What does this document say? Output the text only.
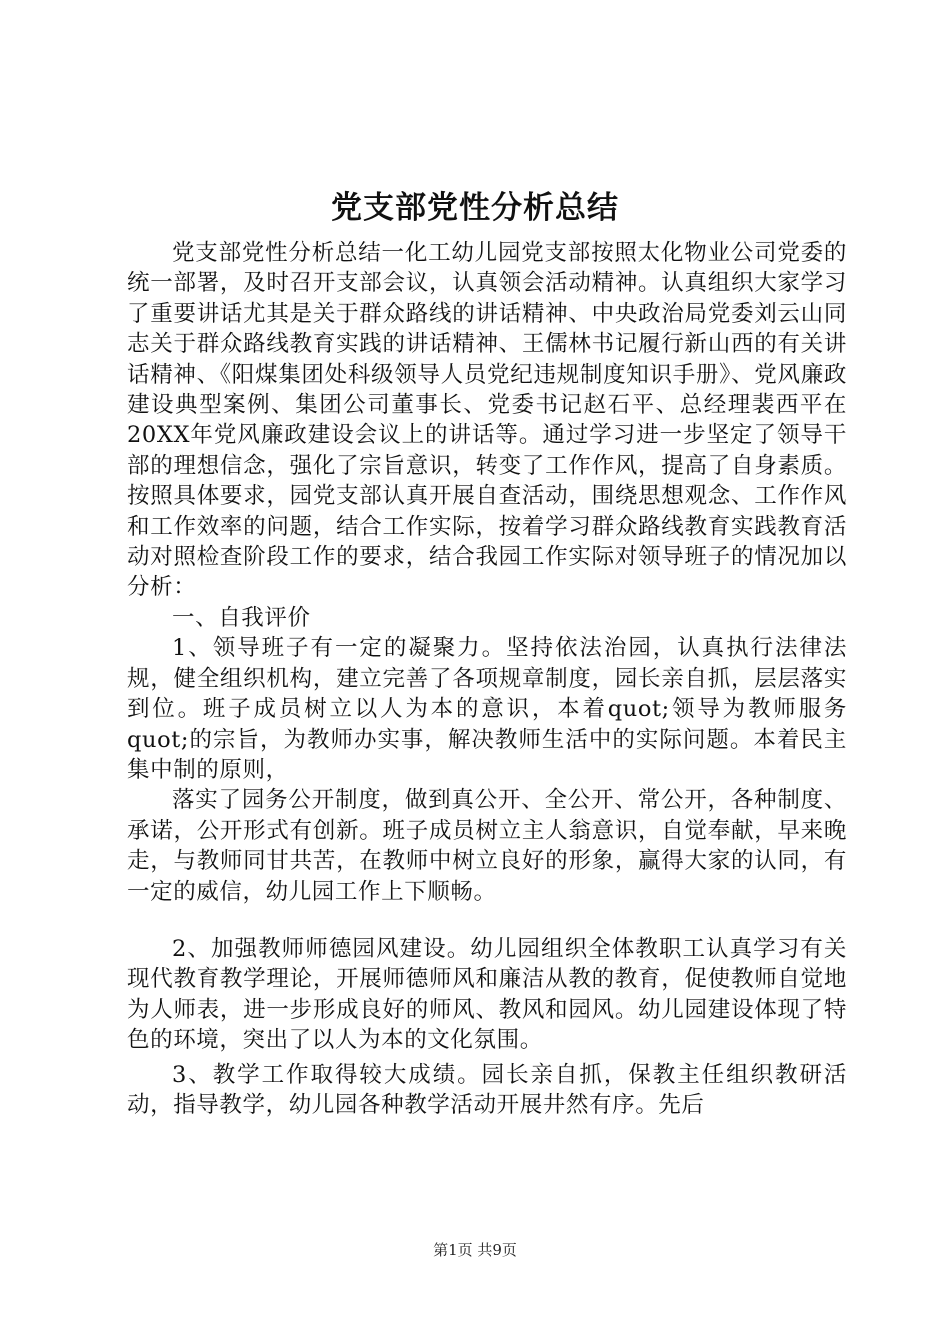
党支部党性分析总结

党支部党性分析总结一化工幼儿园党支部按照太化物业公司党委的统一部署，及时召开支部会议，认真领会活动精神。认真组织大家学习了重要讲话尤其是关于群众路线的讲话精神、中央政治局党委刘云山同志关于群众路线教育实践的讲话精神、王儒林书记履行新山西的有关讲话精神、《阳煤集团处科级领导人员党纪违规制度知识手册》、党风廉政建设典型案例、集团公司董事长、党委书记赵石平、总经理裴西平在20XX年党风廉政建设会议上的讲话等。通过学习进一步坚定了领导干部的理想信念，强化了宗旨意识，转变了工作作风，提高了自身素质。按照具体要求，园党支部认真开展自查活动，围绕思想观念、工作作风和工作效率的问题，结合工作实际，按着学习群众路线教育实践教育活动对照检查阶段工作的要求，结合我园工作实际对领导班子的情况加以分析：

一、自我评价

1、领导班子有一定的凝聚力。坚持依法治园，认真执行法律法规，健全组织机构，建立完善了各项规章制度，园长亲自抓，层层落实到位。班子成员树立以人为本的意识，本着quot;领导为教师服务quot;的宗旨，为教师办实事，解决教师生活中的实际问题。本着民主集中制的原则，

落实了园务公开制度，做到真公开、全公开、常公开，各种制度、承诺，公开形式有创新。班子成员树立主人翁意识，自觉奉献，早来晚走，与教师同甘共苦，在教师中树立良好的形象，赢得大家的认同，有一定的威信，幼儿园工作上下顺畅。

2、加强教师师德园风建设。幼儿园组织全体教职工认真学习有关现代教育教学理论，开展师德师风和廉洁从教的教育，促使教师自觉地为人师表，进一步形成良好的师风、教风和园风。幼儿园建设体现了特色的环境，突出了以人为本的文化氛围。

3、教学工作取得较大成绩。园长亲自抓，保教主任组织教研活动，指导教学，幼儿园各种教学活动开展井然有序。先后

第1页 共9页
